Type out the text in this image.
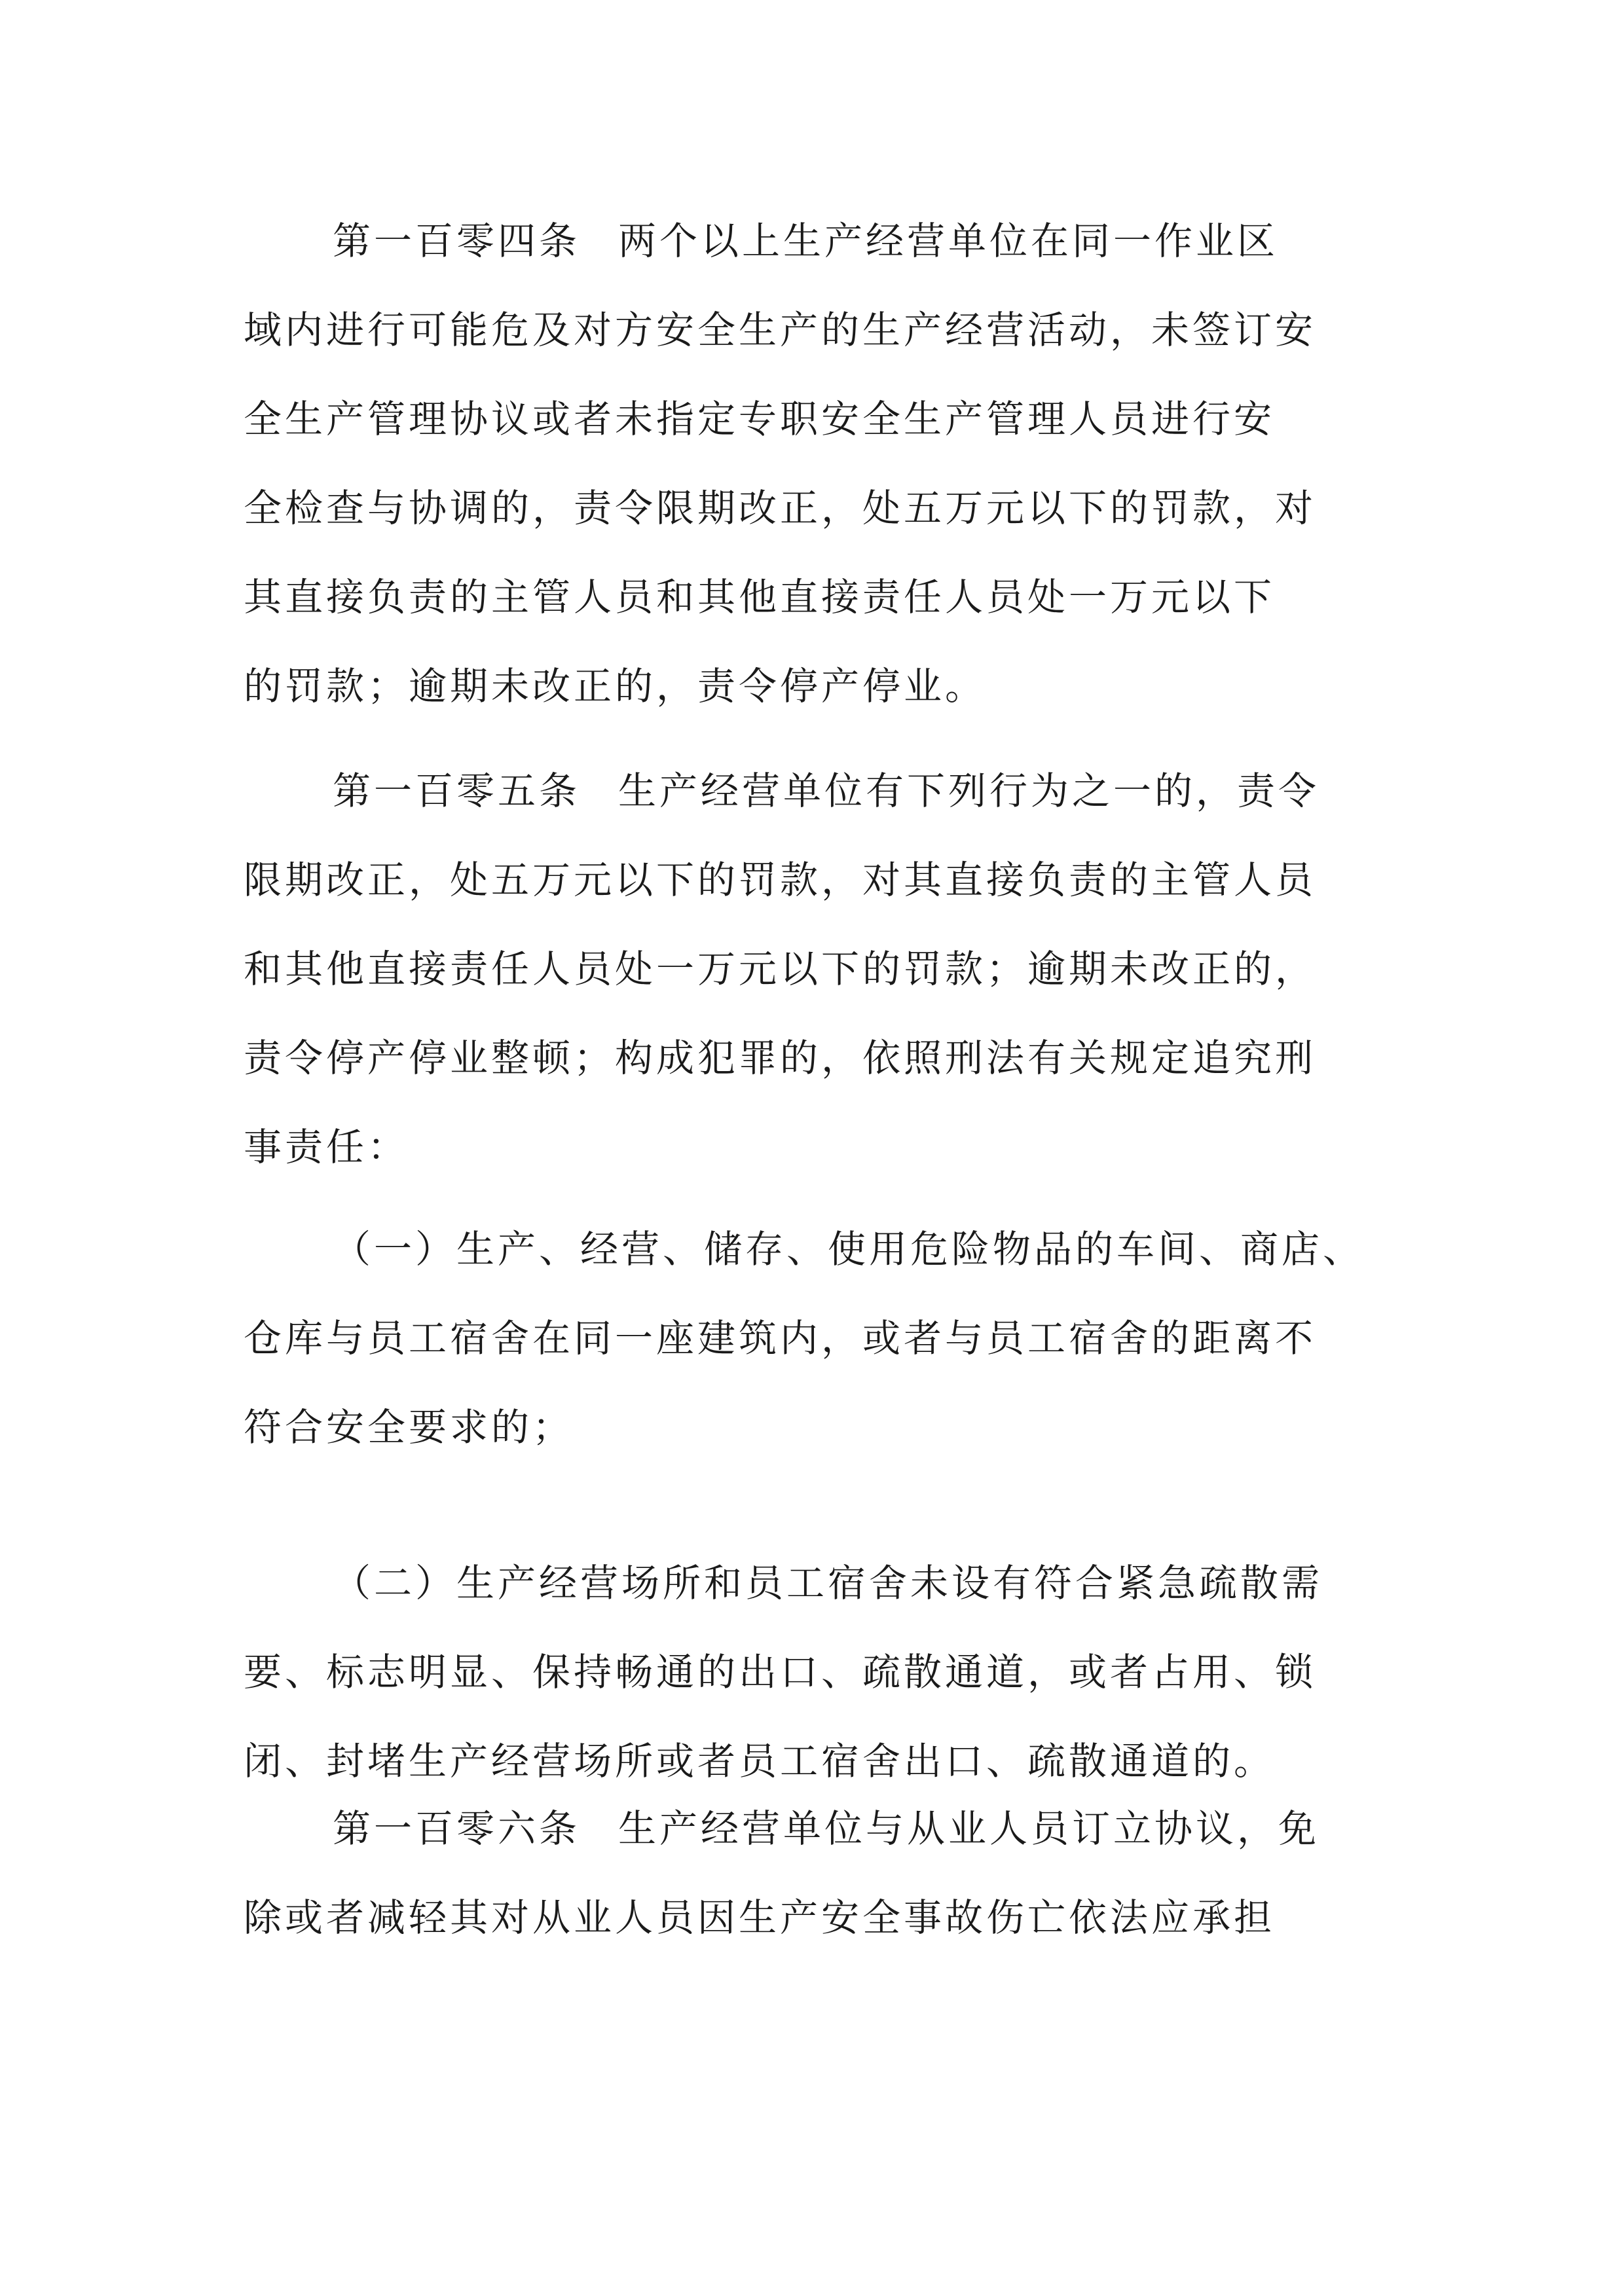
第一百零四条 两个以上生产经营单位在同一作业区
域内进行可能危及对方安全生产的生产经营活动，未签订安
全生产管理协议或者未指定专职安全生产管理人员进行安
全检查与协调的，责令限期改正，处五万元以下的罚款，对
其直接负责的主管人员和其他直接责任人员处一万元以下
的罚款；逾期未改正的，责令停产停业。
第一百零五条 生产经营单位有下列行为之一的，责令
限期改正，处五万元以下的罚款，对其直接负责的主管人员
和其他直接责任人员处一万元以下的罚款；逾期未改正的，
责令停产停业整顿；构成犯罪的，依照刑法有关规定追究刑
事责任：
（一）生产、经营、储存、使用危险物品的车间、商店、
仓库与员工宿舍在同一座建筑内，或者与员工宿舍的距离不
符合安全要求的；
（二）生产经营场所和员工宿舍未设有符合紧急疏散需
要、标志明显、保持畅通的出口、疏散通道，或者占用、锁
闭、封堵生产经营场所或者员工宿舍出口、疏散通道的。
第一百零六条 生产经营单位与从业人员订立协议，免
除或者减轻其对从业人员因生产安全事故伤亡依法应承担
